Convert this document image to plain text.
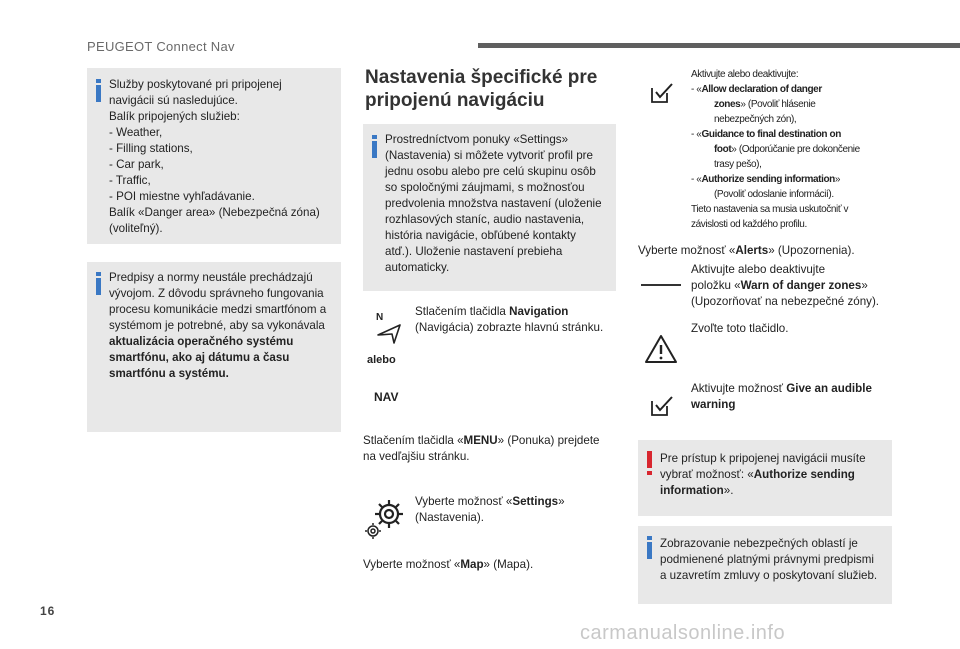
PEUGEOT Connect Nav
Služby poskytované pri pripojenej
navigácii sú nasledujúce.
Balík pripojených služieb:
- Weather,
- Filling stations,
- Car park,
- Traffic,
- POI miestne vyhľadávanie.
Balík «Danger area» (Nebezpečná zóna)
(voliteľný).
Predpisy a normy neustále prechádzajú
vývojom. Z dôvodu správneho fungovania
procesu komunikácie medzi smartfónom a
systémom je potrebné, aby sa vykonávala
aktualizácia operačného systému
smartfónu, ako aj dátumu a času
smartfónu a systému.
Nastavenia špecifické pre
pripojenú navigáciu
Prostredníctvom ponuky «Settings»
(Nastavenia) si môžete vytvoriť profil pre
jednu osobu alebo pre celú skupinu osôb
so spoločnými záujmami, s možnosťou
predvolenia množstva nastavení (uloženie
rozhlasových staníc, audio nastavenia,
história navigácie, obľúbené kontakty
atď.). Uloženie nastavení prebieha
automaticky.
N	Stlačením tlačidla Navigation
(Navigácia) zobrazte hlavnú stránku.
alebo
NAV
Stlačením tlačidla «MENU» (Ponuka) prejdete
na vedľajšiu stránku.
Vyberte možnosť «Settings»
(Nastavenia).
Vyberte možnosť «Map» (Mapa).
Aktivujte alebo deaktivujte:
- «Allow declaration of danger
zones» (Povoliť hlásenie
nebezpečných zón),
- «Guidance to final destination on
foot» (Odporúčanie pre dokončenie
trasy pešo),
- «Authorize sending information»
(Povoliť odoslanie informácií).
Tieto nastavenia sa musia uskutočniť v
závislosti od každého profilu.
Vyberte možnosť «Alerts» (Upozornenia).
Aktivujte alebo deaktivujte
položku «Warn of danger zones»
(Upozorňovať na nebezpečné zóny).
Zvoľte toto tlačidlo.
Aktivujte možnosť Give an audible
warning
Pre prístup k pripojenej navigácii musíte
vybrať možnosť: «Authorize sending
information».
Zobrazovanie nebezpečných oblastí je
podmienené platnými právnymi predpismi
a uzavretím zmluvy o poskytovaní služieb.
16
carmanualsonline.info
